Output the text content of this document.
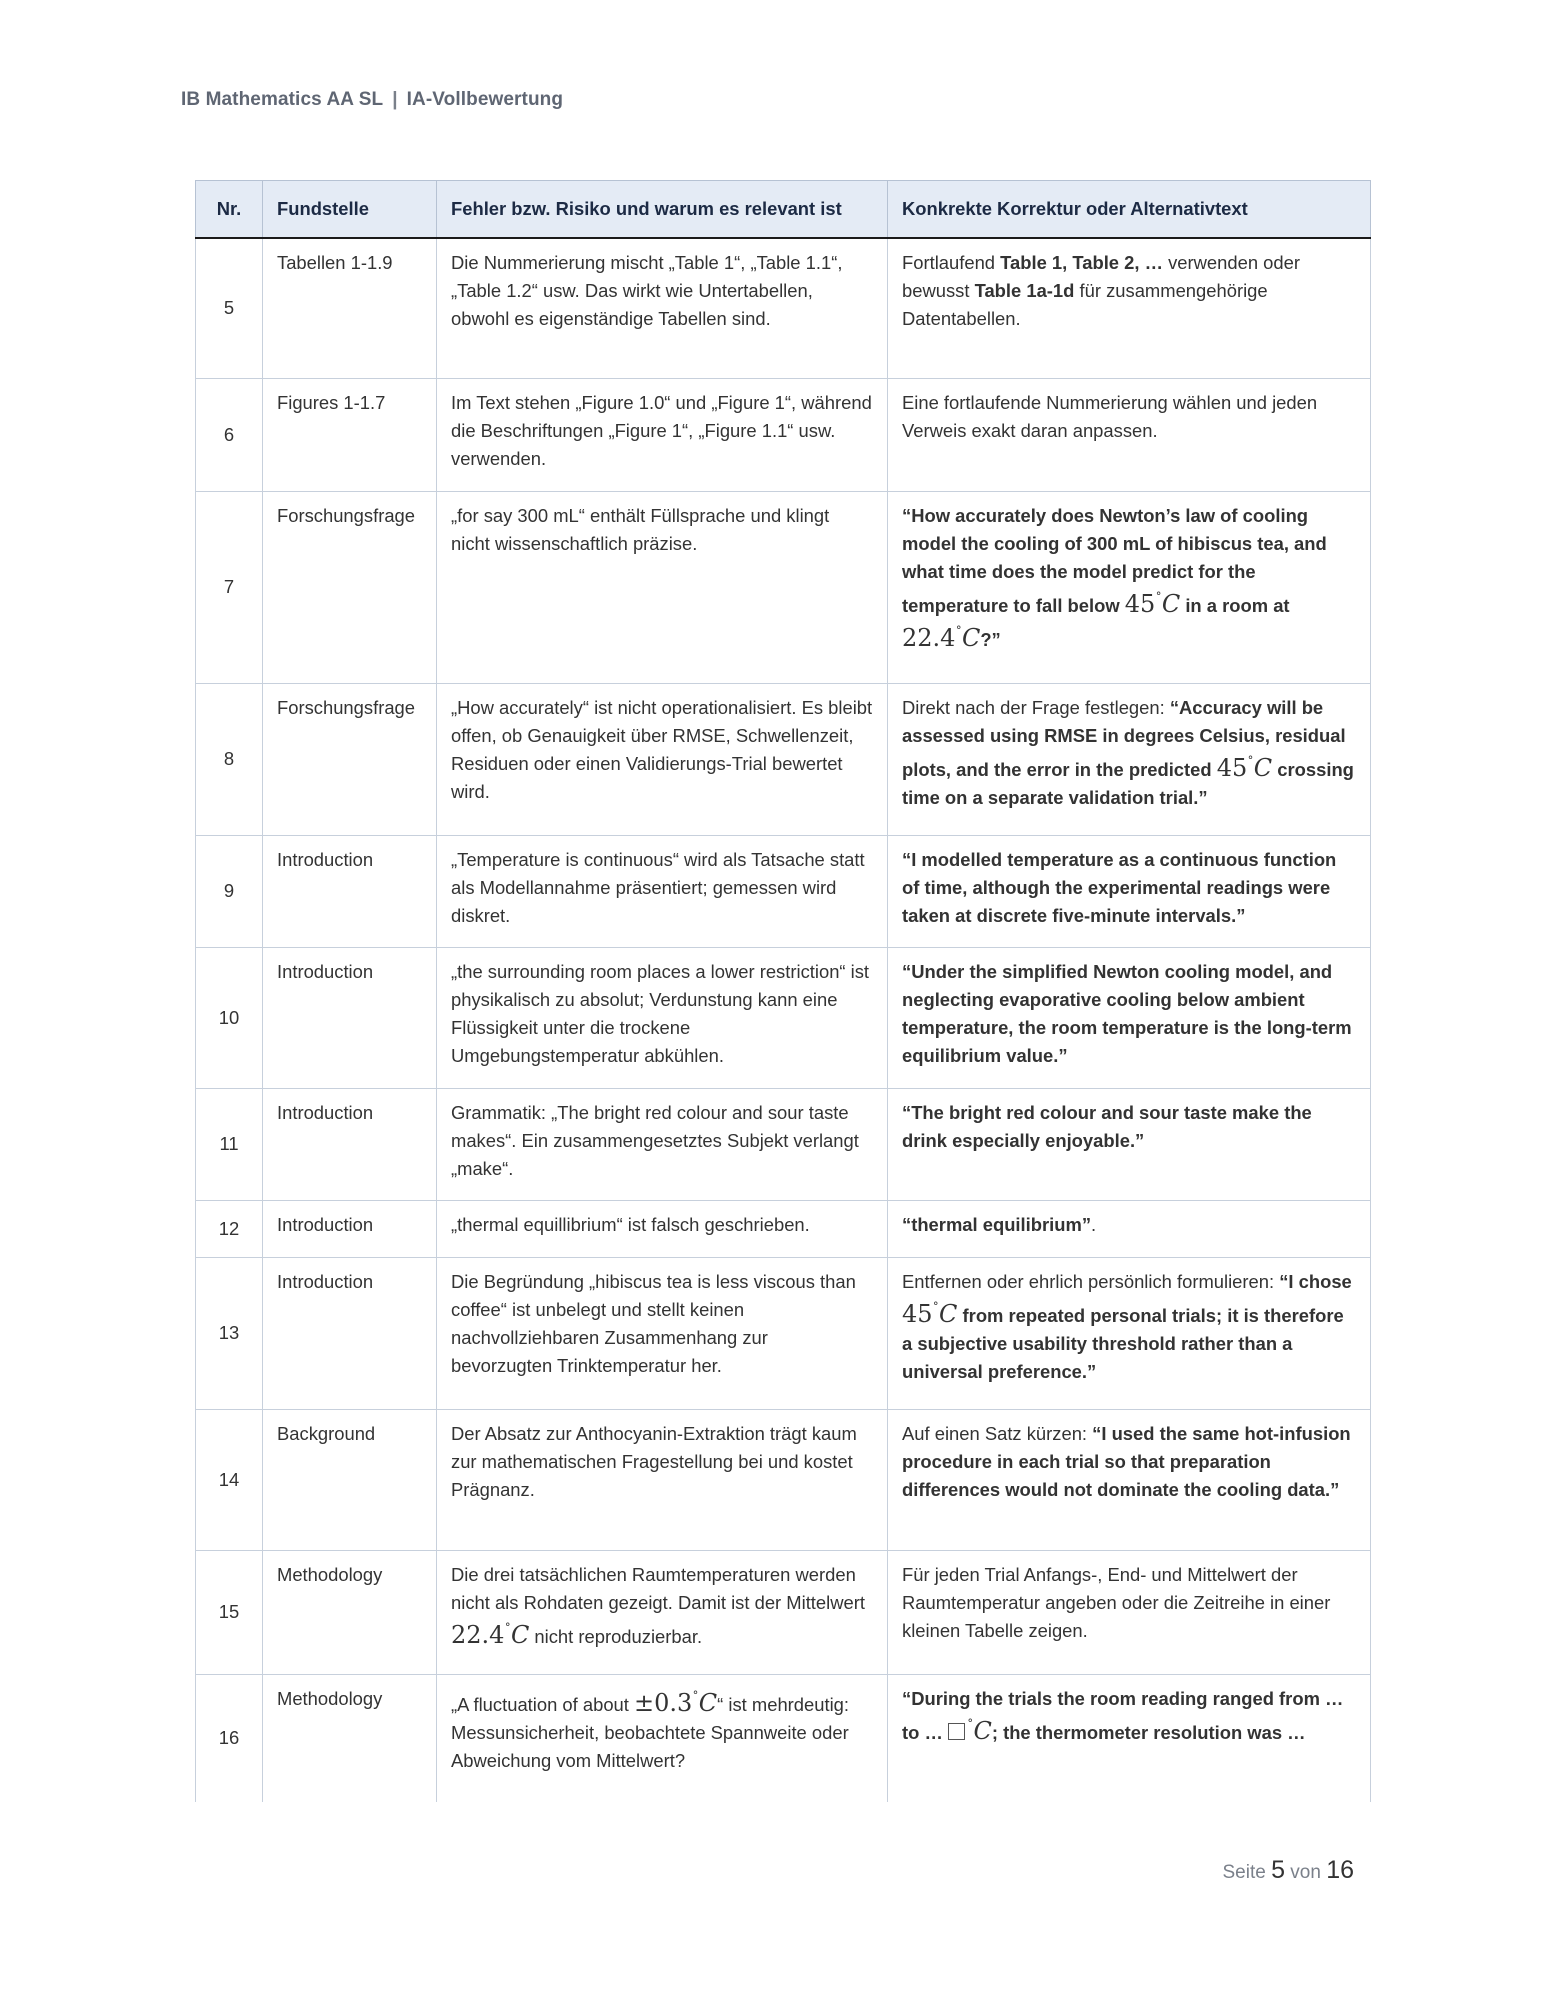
IB Mathematics AA SL | IA-Vollbewertung
Nr.	Fundstelle	Fehler bzw. Risiko und warum es relevant ist	Konkrekte Korrektur oder Alternativtext
5	Tabellen 1-1.9	Die Nummerierung mischt „Table 1“, „Table 1.1“, „Table 1.2“ usw. Das wirkt wie Untertabellen, obwohl es eigenständige Tabellen sind.	Fortlaufend Table 1, Table 2, … verwenden oder bewusst Table 1a-1d für zusammengehörige Datentabellen.
6	Figures 1-1.7	Im Text stehen „Figure 1.0“ und „Figure 1“, während die Beschriftungen „Figure 1“, „Figure 1.1“ usw. verwenden.	Eine fortlaufende Nummerierung wählen und jeden Verweis exakt daran anpassen.
7	Forschungsfrage	„for say 300 mL“ enthält Füllsprache und klingt nicht wissenschaftlich präzise.	“How accurately does Newton’s law of cooling model the cooling of 300 mL of hibiscus tea, and what time does the model predict for the temperature to fall below 45˚C in a room at 22.4˚C?”
8	Forschungsfrage	„How accurately“ ist nicht operationalisiert. Es bleibt offen, ob Genauigkeit über RMSE, Schwellenzeit, Residuen oder einen Validierungs-Trial bewertet wird.	Direkt nach der Frage festlegen: “Accuracy will be assessed using RMSE in degrees Celsius, residual plots, and the error in the predicted 45˚C crossing time on a separate validation trial.”
9	Introduction	„Temperature is continuous“ wird als Tatsache statt als Modellannahme präsentiert; gemessen wird diskret.	“I modelled temperature as a continuous function of time, although the experimental readings were taken at discrete five-minute intervals.”
10	Introduction	„the surrounding room places a lower restriction“ ist physikalisch zu absolut; Verdunstung kann eine Flüssigkeit unter die trockene Umgebungstemperatur abkühlen.	“Under the simplified Newton cooling model, and neglecting evaporative cooling below ambient temperature, the room temperature is the long-term equilibrium value.”
11	Introduction	Grammatik: „The bright red colour and sour taste makes“. Ein zusammengesetztes Subjekt verlangt „make“.	“The bright red colour and sour taste make the drink especially enjoyable.”
12	Introduction	„thermal equillibrium“ ist falsch geschrieben.	“thermal equilibrium”.
13	Introduction	Die Begründung „hibiscus tea is less viscous than coffee“ ist unbelegt und stellt keinen nachvollziehbaren Zusammenhang zur bevorzugten Trinktemperatur her.	Entfernen oder ehrlich persönlich formulieren: “I chose 45˚C from repeated personal trials; it is therefore a subjective usability threshold rather than a universal preference.”
14	Background	Der Absatz zur Anthocyanin-Extraktion trägt kaum zur mathematischen Fragestellung bei und kostet Prägnanz.	Auf einen Satz kürzen: “I used the same hot-infusion procedure in each trial so that preparation differences would not dominate the cooling data.”
15	Methodology	Die drei tatsächlichen Raumtemperaturen werden nicht als Rohdaten gezeigt. Damit ist der Mittelwert 22.4˚C nicht reproduzierbar.	Für jeden Trial Anfangs-, End- und Mittelwert der Raumtemperatur angeben oder die Zeitreihe in einer kleinen Tabelle zeigen.
16	Methodology	„A fluctuation of about ±0.3˚C“ ist mehrdeutig: Messunsicherheit, beobachtete Spannweite oder Abweichung vom Mittelwert?	“During the trials the room reading ranged from … to … ˚C; the thermometer resolution was …
Seite 5 von 16
